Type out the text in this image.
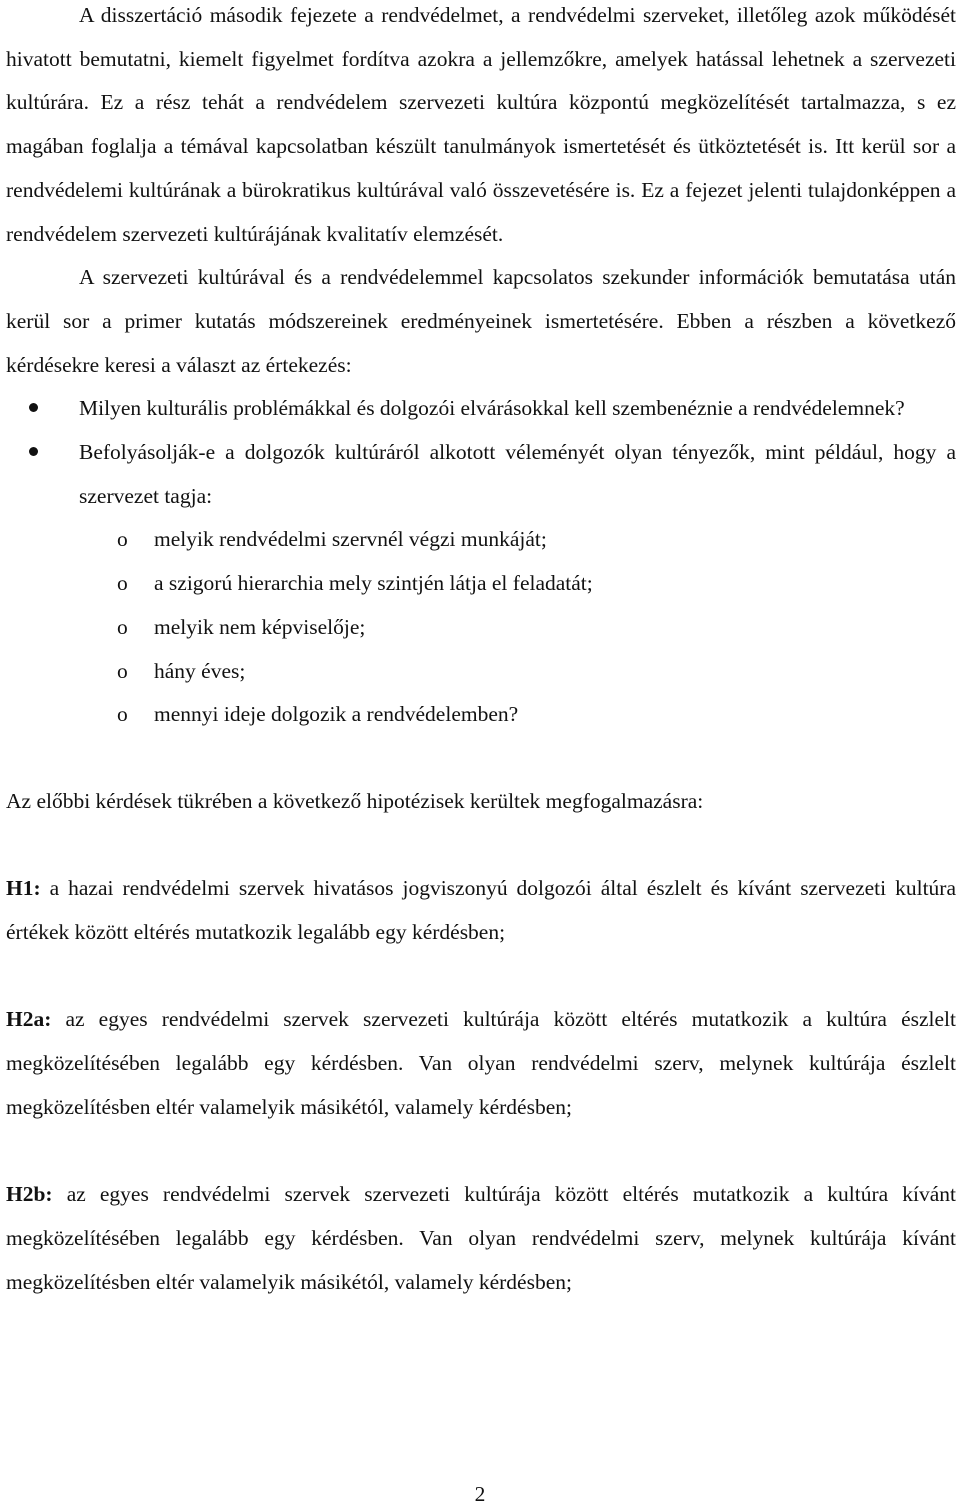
A disszertáció második fejezete a rendvédelmet, a rendvédelmi szerveket, illetőleg azok működését hivatott bemutatni, kiemelt figyelmet fordítva azokra a jellemzőkre, amelyek hatással lehetnek a szervezeti kultúrára. Ez a rész tehát a rendvédelem szervezeti kultúra központú megközelítését tartalmazza, s ez magában foglalja a témával kapcsolatban készült tanulmányok ismertetését és ütköztetését is. Itt kerül sor a rendvédelemi kultúrának a bürokratikus kultúrával való összevetésére is. Ez a fejezet jelenti tulajdonképpen a rendvédelem szervezeti kultúrájának kvalitatív elemzését.

A szervezeti kultúrával és a rendvédelemmel kapcsolatos szekunder információk bemutatása után kerül sor a primer kutatás módszereinek eredményeinek ismertetésére. Ebben a részben a következő kérdésekre keresi a választ az értekezés:

Milyen kulturális problémákkal és dolgozói elvárásokkal kell szembenéznie a rendvédelemnek?
Befolyásolják-e a dolgozók kultúráról alkotott véleményét olyan tényezők, mint például, hogy a szervezet tagja:
o melyik rendvédelmi szervnél végzi munkáját;
o a szigorú hierarchia mely szintjén látja el feladatát;
o melyik nem képviselője;
o hány éves;
o mennyi ideje dolgozik a rendvédelemben?

Az előbbi kérdések tükrében a következő hipotézisek kerültek megfogalmazásra:

H1: a hazai rendvédelmi szervek hivatásos jogviszonyú dolgozói által észlelt és kívánt szervezeti kultúra értékek között eltérés mutatkozik legalább egy kérdésben;

H2a: az egyes rendvédelmi szervek szervezeti kultúrája között eltérés mutatkozik a kultúra észlelt megközelítésében legalább egy kérdésben. Van olyan rendvédelmi szerv, melynek kultúrája észlelt megközelítésben eltér valamelyik másikétól, valamely kérdésben;

H2b: az egyes rendvédelmi szervek szervezeti kultúrája között eltérés mutatkozik a kultúra kívánt megközelítésében legalább egy kérdésben. Van olyan rendvédelmi szerv, melynek kultúrája kívánt megközelítésben eltér valamelyik másikétól, valamely kérdésben;

2
